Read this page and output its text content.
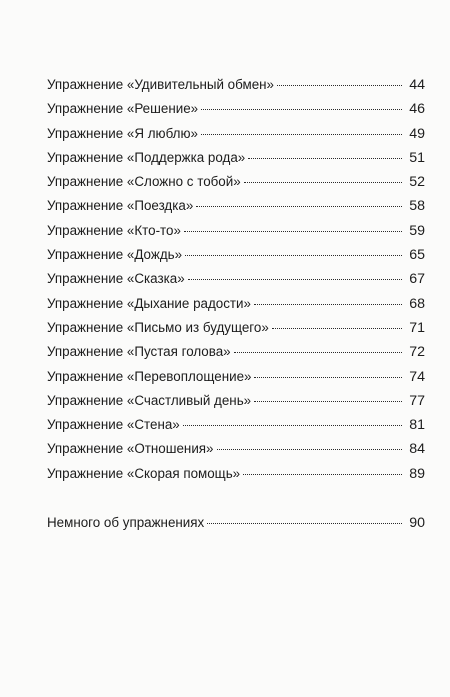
Упражнение «Удивительный обмен»	44
Упражнение «Решение»	46
Упражнение «Я люблю»	49
Упражнение «Поддержка рода»	51
Упражнение «Сложно с тобой»	52
Упражнение «Поездка»	58
Упражнение «Кто-то»	59
Упражнение «Дождь»	65
Упражнение «Сказка»	67
Упражнение «Дыхание радости»	68
Упражнение «Письмо из будущего»	71
Упражнение «Пустая голова»	72
Упражнение «Перевоплощение»	74
Упражнение «Счастливый день»	77
Упражнение «Стена»	81
Упражнение «Отношения»	84
Упражнение «Скорая помощь»	89
Немного об упражнениях	90
